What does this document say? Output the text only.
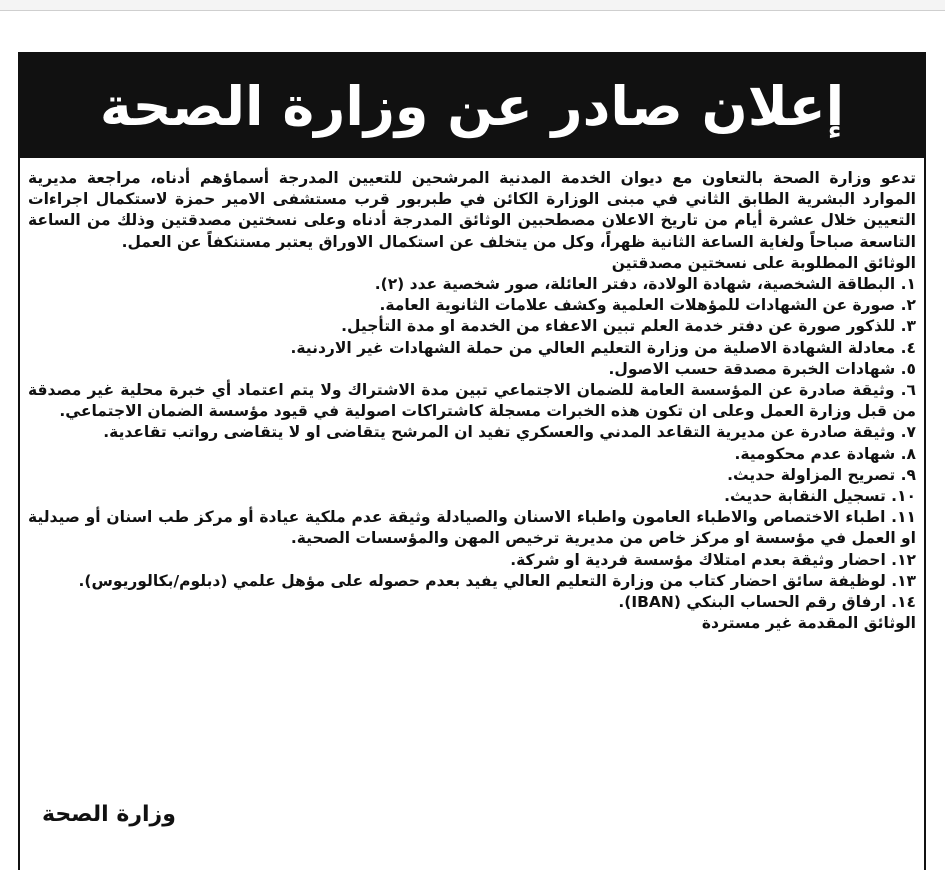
إعلان صادر عن وزارة الصحة

تدعو وزارة الصحة بالتعاون مع ديوان الخدمة المدنية المرشحين للتعيين المدرجة أسماؤهم أدناه، مراجعة مديرية الموارد البشرية الطابق الثاني في مبنى الوزارة الكائن في طبربور قرب مستشفى الامير حمزة لاستكمال اجراءات التعيين خلال عشرة أيام من تاريخ الاعلان مصطحبين الوثائق المدرجة أدناه وعلى نسختين مصدقتين وذلك من الساعة التاسعة صباحاً ولغاية الساعة الثانية ظهراً، وكل من يتخلف عن استكمال الاوراق يعتبر مستنكفاً عن العمل.

الوثائق المطلوبة على نسختين مصدقتين

١. البطاقة الشخصية، شهادة الولادة، دفتر العائلة، صور شخصية عدد (٢).

٢. صورة عن الشهادات للمؤهلات العلمية وكشف علامات الثانوية العامة.

٣. للذكور صورة عن دفتر خدمة العلم تبين الاعفاء من الخدمة او مدة التأجيل.

٤. معادلة الشهادة الاصلية من وزارة التعليم العالي من حملة الشهادات غير الاردنية.

٥. شهادات الخبرة مصدقة حسب الاصول.

٦. وثيقة صادرة عن المؤسسة العامة للضمان الاجتماعي تبين مدة الاشتراك ولا يتم اعتماد أي خبرة محلية غير مصدقة من قبل وزارة العمل وعلى ان تكون هذه الخبرات مسجلة كاشتراكات اصولية في قيود مؤسسة الضمان الاجتماعي.

٧. وثيقة صادرة عن مديرية التقاعد المدني والعسكري تفيد ان المرشح يتقاضى او لا يتقاضى رواتب تقاعدية.

٨. شهادة عدم محكومية.

٩. تصريح المزاولة حديث.

١٠. تسجيل النقابة حديث.

١١. اطباء الاختصاص والاطباء العامون واطباء الاسنان والصيادلة وثيقة عدم ملكية عيادة أو مركز طب اسنان أو صيدلية او العمل في مؤسسة او مركز خاص من مديرية ترخيص المهن والمؤسسات الصحية.

١٢. احضار وثيقة بعدم امتلاك مؤسسة فردية او شركة.

١٣. لوظيفة سائق احضار كتاب من وزارة التعليم العالي يفيد بعدم حصوله على مؤهل علمي (دبلوم/بكالوريوس).

١٤. ارفاق رقم الحساب البنكي (IBAN).

الوثائق المقدمة غير مستردة

وزارة الصحة
